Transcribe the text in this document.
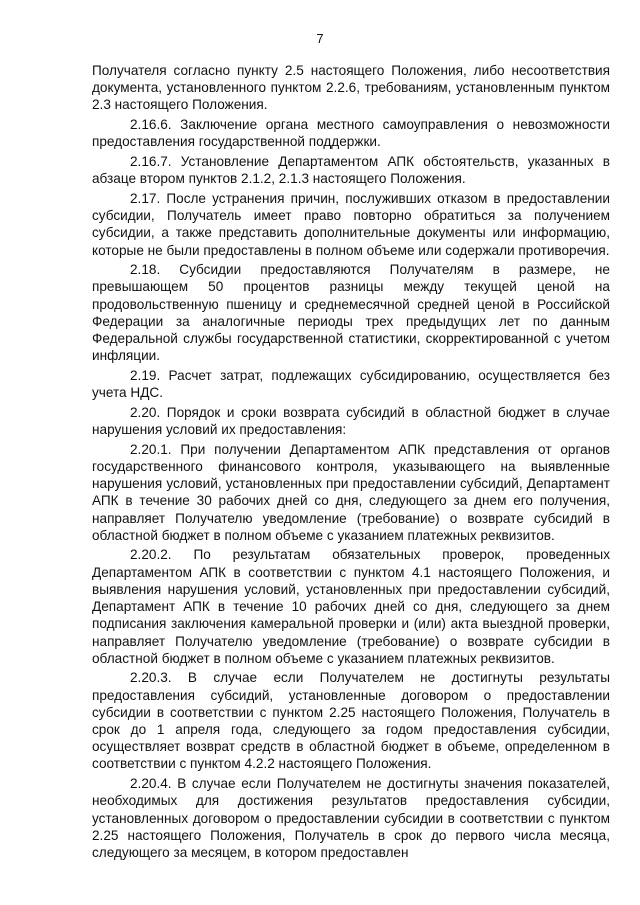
7

Получателя согласно пункту 2.5 настоящего Положения, либо несоответствия документа, установленного пунктом 2.2.6, требованиям, установленным пунктом 2.3 настоящего Положения.

2.16.6. Заключение органа местного самоуправления о невозможности предоставления государственной поддержки.

2.16.7. Установление Департаментом АПК обстоятельств, указанных в абзаце втором пунктов 2.1.2, 2.1.3 настоящего Положения.

2.17. После устранения причин, послуживших отказом в предоставлении субсидии, Получатель имеет право повторно обратиться за получением субсидии, а также представить дополнительные документы или информацию, которые не были предоставлены в полном объеме или содержали противоречия.

2.18. Субсидии предоставляются Получателям в размере, не превышающем 50 процентов разницы между текущей ценой на продовольственную пшеницу и среднемесячной средней ценой в Российской Федерации за аналогичные периоды трех предыдущих лет по данным Федеральной службы государственной статистики, скорректированной с учетом инфляции.

2.19. Расчет затрат, подлежащих субсидированию, осуществляется без учета НДС.

2.20. Порядок и сроки возврата субсидий в областной бюджет в случае нарушения условий их предоставления:

2.20.1. При получении Департаментом АПК представления от органов государственного финансового контроля, указывающего на выявленные нарушения условий, установленных при предоставлении субсидий, Департамент АПК в течение 30 рабочих дней со дня, следующего за днем его получения, направляет Получателю уведомление (требование) о возврате субсидий в областной бюджет в полном объеме с указанием платежных реквизитов.

2.20.2. По результатам обязательных проверок, проведенных Департаментом АПК в соответствии с пунктом 4.1 настоящего Положения, и выявления нарушения условий, установленных при предоставлении субсидий, Департамент АПК в течение 10 рабочих дней со дня, следующего за днем подписания заключения камеральной проверки и (или) акта выездной проверки, направляет Получателю уведомление (требование) о возврате субсидии в областной бюджет в полном объеме с указанием платежных реквизитов.

2.20.3. В случае если Получателем не достигнуты результаты предоставления субсидий, установленные договором о предоставлении субсидии в соответствии с пунктом 2.25 настоящего Положения, Получатель в срок до 1 апреля года, следующего за годом предоставления субсидии, осуществляет возврат средств в областной бюджет в объеме, определенном в соответствии с пунктом 4.2.2 настоящего Положения.

2.20.4. В случае если Получателем не достигнуты значения показателей, необходимых для достижения результатов предоставления субсидии, установленных договором о предоставлении субсидии в соответствии с пунктом 2.25 настоящего Положения, Получатель в срок до первого числа месяца, следующего за месяцем, в котором предоставлен
